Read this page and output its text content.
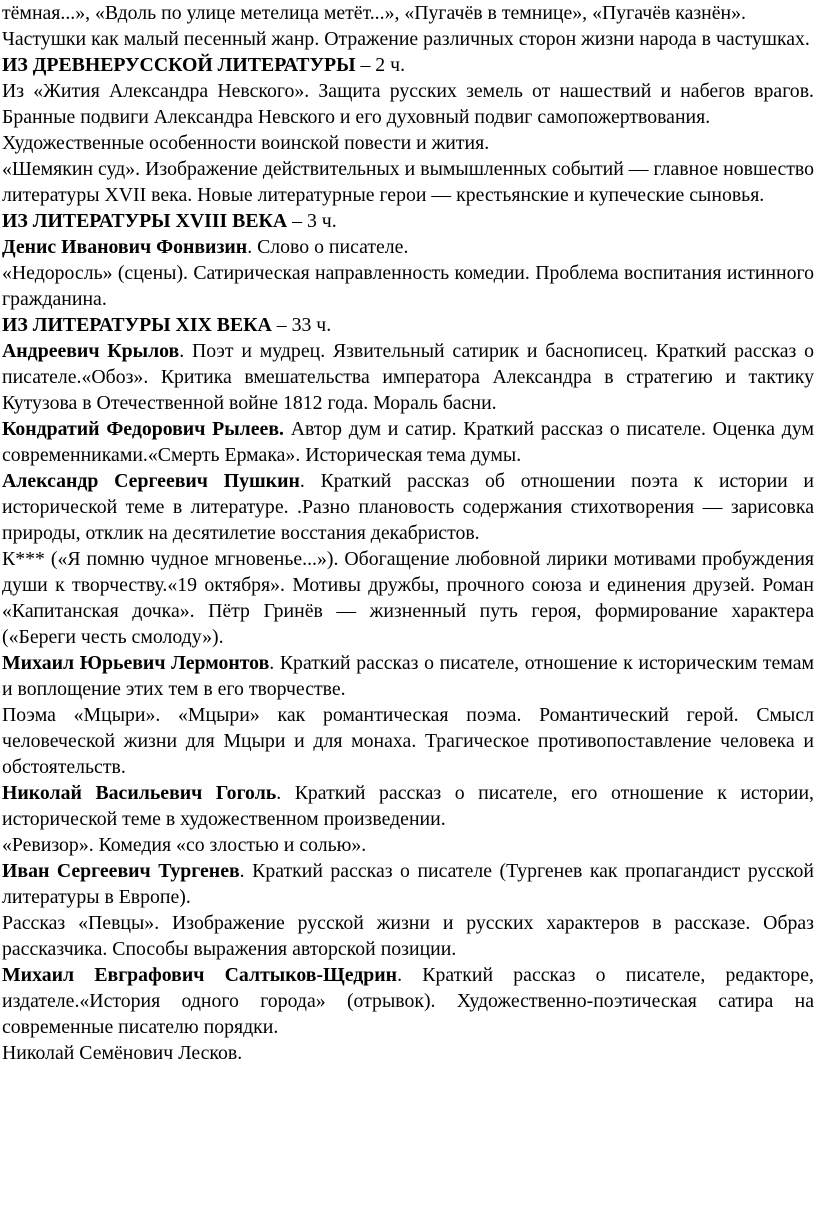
тёмная...», «Вдоль по улице метелица метёт...», «Пугачёв в темнице», «Пугачёв казнён».

Частушки как малый песенный жанр. Отражение различных сторон жизни народа в частушках.

ИЗ ДРЕВНЕРУССКОЙ ЛИТЕРАТУРЫ – 2 ч.

Из «Жития Александра Невского». Защита русских земель от нашествий и набегов врагов. Бранные подвиги Александра Невского и его духовный подвиг самопожертвования.

Художественные особенности воинской повести и жития.

«Шемякин суд». Изображение действительных и вымышленных событий — главное новшество литературы XVII века. Новые литературные герои — крестьянские и купеческие сыновья.

ИЗ ЛИТЕРАТУРЫ XVIII ВЕКА – 3 ч.

Денис Иванович Фонвизин. Слово о писателе.

«Недоросль» (сцены). Сатирическая направленность комедии. Проблема воспитания истинного гражданина.

ИЗ ЛИТЕРАТУРЫ XIX ВЕКА – 33 ч.

Андреевич Крылов. Поэт и мудрец. Язвительный сатирик и баснописец. Краткий рассказ о писателе.«Обоз». Критика вмешательства императора Александра в стратегию и тактику Кутузова в Отечественной войне 1812 года. Мораль басни.

Кондратий Федорович Рылеев. Автор дум и сатир. Краткий рассказ о писателе. Оценка дум современниками.«Смерть Ермака». Историческая тема думы.

Александр Сергеевич Пушкин. Краткий рассказ об отношении поэта к истории и исторической теме в литературе. .Разно плановость содержания стихотворения — зарисовка природы, отклик на десятилетие восстания декабристов.

К*** («Я помню чудное мгновенье...»). Обогащение любовной лирики мотивами пробуждения души к творчеству.«19 октября». Мотивы дружбы, прочного союза и единения друзей. Роман «Капитанская дочка». Пётр Гринёв — жизненный путь героя, формирование характера («Береги честь смолоду»).

Михаил Юрьевич Лермонтов. Краткий рассказ о писателе, отношение к историческим темам и воплощение этих тем в его творчестве.

Поэма «Мцыри». «Мцыри» как романтическая поэма. Романтический герой. Смысл человеческой жизни для Мцыри и для монаха. Трагическое противопоставление человека и обстоятельств.

Николай Васильевич Гоголь. Краткий рассказ о писателе, его отношение к истории, исторической теме в художественном произведении.

«Ревизор». Комедия «со злостью и солью».

Иван Сергеевич Тургенев. Краткий рассказ о писателе (Тургенев как пропагандист русской литературы в Европе).

Рассказ «Певцы». Изображение русской жизни и русских характеров в рассказе. Образ рассказчика. Способы выражения авторской позиции.

Михаил Евграфович Салтыков-Щедрин. Краткий рассказ о писателе, редакторе, издателе.«История одного города» (отрывок). Художественно-поэтическая сатира на современные писателю порядки.

Николай Семёнович Лесков.
